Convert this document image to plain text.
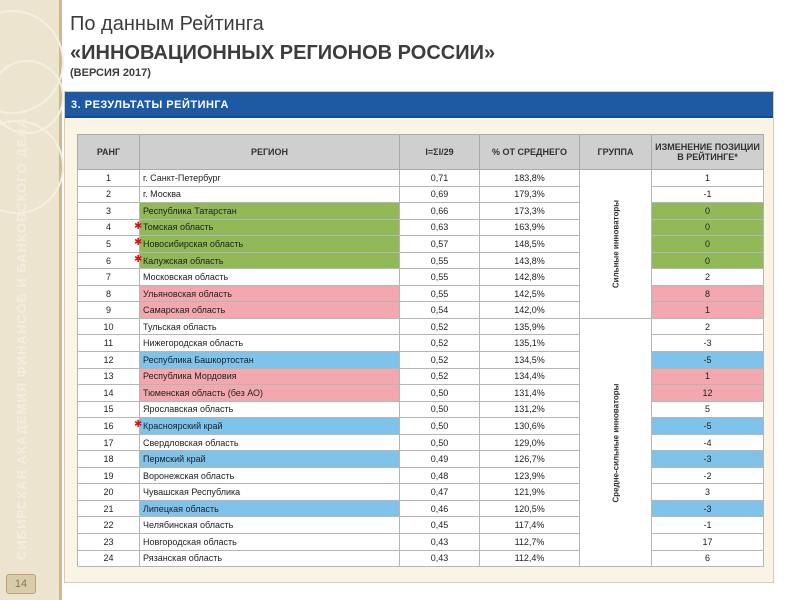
СИБИРСКАЯ АКАДЕМИЯ ФИНАНСОВ И БАНКОВСКОГО ДЕЛА
14
По данным Рейтинга
«ИННОВАЦИОННЫХ РЕГИОНОВ РОССИИ»
(ВЕРСИЯ 2017)
3. РЕЗУЛЬТАТЫ РЕЙТИНГА
РАНГ	РЕГИОН	I=ΣI/29	% ОТ СРЕДНЕГО	ГРУППА	ИЗМЕНЕНИЕ ПОЗИЦИИ В РЕЙТИНГЕ*
1	г. Санкт-Петербург	0,71	183,8%	Сильные инноваторы	1
2	г. Москва	0,69	179,3%		-1
3	Республика Татарстан	0,66	173,3%		0
4	✱ Томская область	0,63	163,9%		0
5	✱ Новосибирская область	0,57	148,5%		0
6	✱ Калужская область	0,55	143,8%		0
7	Московская область	0,55	142,8%		2
8	Ульяновская область	0,55	142,5%		8
9	Самарская область	0,54	142,0%		1
10	Тульская область	0,52	135,9%	Средне-сильные инноваторы	2
11	Нижегородская область	0,52	135,1%		-3
12	Республика Башкортостан	0,52	134,5%		-5
13	Республика Мордовия	0,52	134,4%		1
14	Тюменская область (без АО)	0,50	131,4%		12
15	Ярославская область	0,50	131,2%		5
16	✱ Красноярский край	0,50	130,6%		-5
17	Свердловская область	0,50	129,0%		-4
18	Пермский край	0,49	126,7%		-3
19	Воронежская область	0,48	123,9%		-2
20	Чувашская Республика	0,47	121,9%		3
21	Липецкая область	0,46	120,5%		-3
22	Челябинская область	0,45	117,4%		-1
23	Новгородская область	0,43	112,7%		17
24	Рязанская область	0,43	112,4%		6
